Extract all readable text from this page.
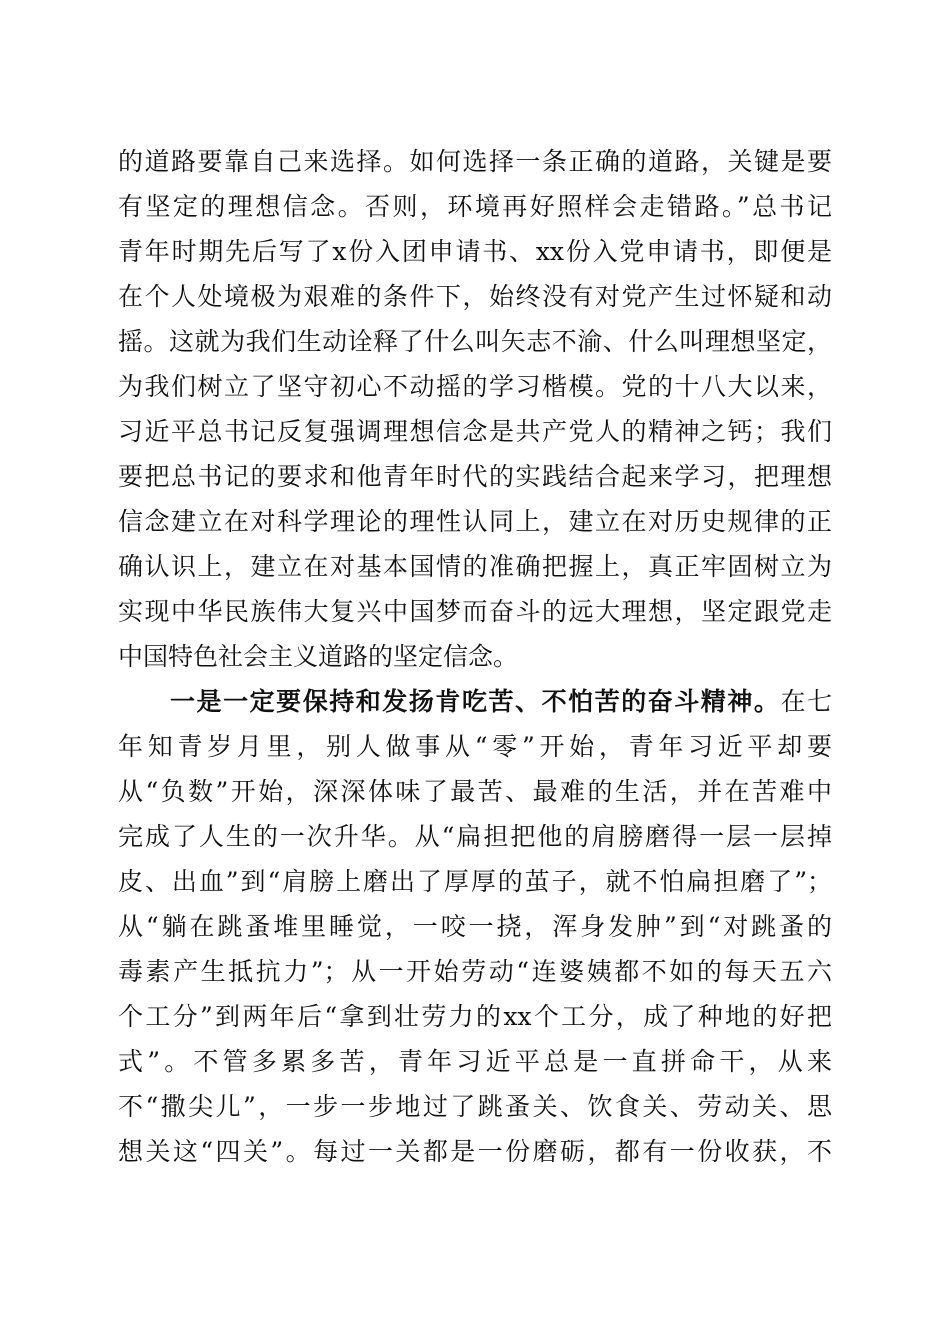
的道路要靠自己来选择。如何选择一条正确的道路，关键是要
有坚定的理想信念。否则，环境再好照样会走错路。”总书记
青年时期先后写了x份入团申请书、xx份入党申请书，即便是
在个人处境极为艰难的条件下，始终没有对党产生过怀疑和动
摇。这就为我们生动诠释了什么叫矢志不渝、什么叫理想坚定，
为我们树立了坚守初心不动摇的学习楷模。党的十八大以来，
习近平总书记反复强调理想信念是共产党人的精神之钙；我们
要把总书记的要求和他青年时代的实践结合起来学习，把理想
信念建立在对科学理论的理性认同上，建立在对历史规律的正
确认识上，建立在对基本国情的准确把握上，真正牢固树立为
实现中华民族伟大复兴中国梦而奋斗的远大理想，坚定跟党走
中国特色社会主义道路的坚定信念。
一是一定要保持和发扬肯吃苦、不怕苦的奋斗精神。在七
年知青岁月里，别人做事从“零”开始，青年习近平却要
从“负数”开始，深深体味了最苦、最难的生活，并在苦难中
完成了人生的一次升华。从“扁担把他的肩膀磨得一层一层掉
皮、出血”到“肩膀上磨出了厚厚的茧子，就不怕扁担磨了”；
从“躺在跳蚤堆里睡觉，一咬一挠，浑身发肿”到“对跳蚤的
毒素产生抵抗力”；从一开始劳动“连婆姨都不如的每天五六
个工分”到两年后“拿到壮劳力的xx个工分，成了种地的好把
式”。不管多累多苦，青年习近平总是一直拼命干，从来
不“撒尖儿”，一步一步地过了跳蚤关、饮食关、劳动关、思
想关这“四关”。每过一关都是一份磨砺，都有一份收获，不
